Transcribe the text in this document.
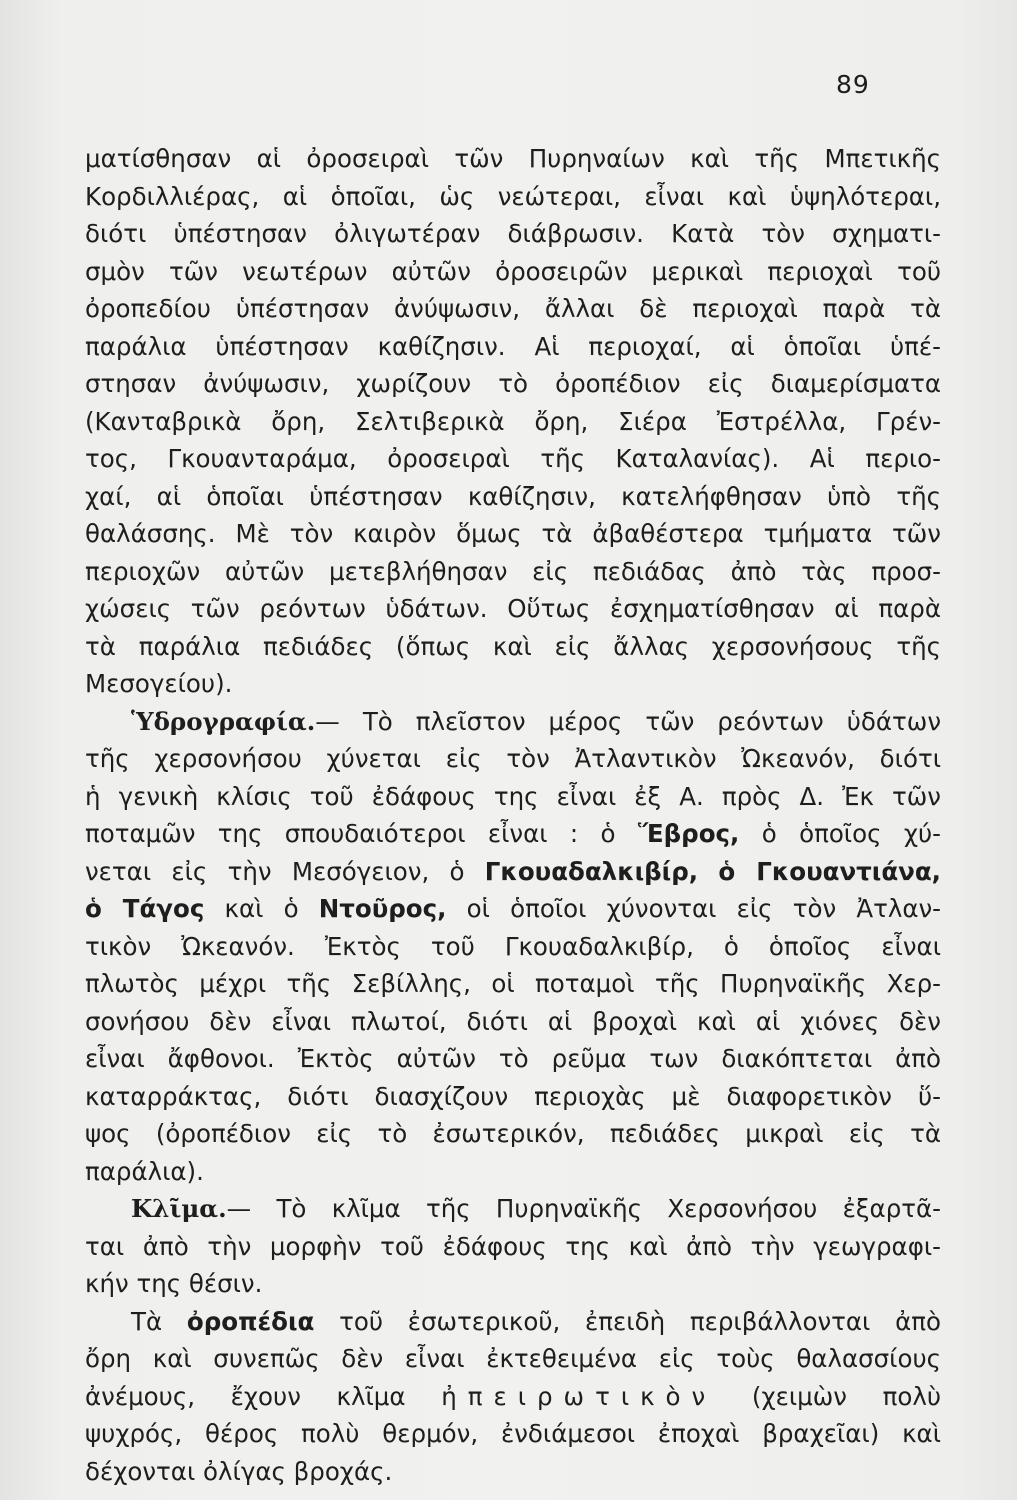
89
ματίσθησαν αἱ ὀροσειραὶ τῶν Πυρηναίων καὶ τῆς Μπετικῆς
Κορδιλλιέρας, αἱ ὁποῖαι, ὡς νεώτεραι, εἶναι καὶ ὑψηλότεραι,
διότι ὑπέστησαν ὀλιγωτέραν διάβρωσιν. Κατὰ τὸν σχηματι-
σμὸν τῶν νεωτέρων αὐτῶν ὀροσειρῶν μερικαὶ περιοχαὶ τοῦ
ὀροπεδίου ὑπέστησαν ἀνύψωσιν, ἄλλαι δὲ περιοχαὶ παρὰ τὰ
παράλια ὑπέστησαν καθίζησιν. Αἱ περιοχαί, αἱ ὁποῖαι ὑπέ-
στησαν ἀνύψωσιν, χωρίζουν τὸ ὀροπέδιον εἰς διαμερίσματα
(Κανταβρικὰ ὄρη, Σελτιβερικὰ ὄρη, Σιέρα Ἐστρέλλα, Γρέν-
τος, Γκουανταράμα, ὀροσειραὶ τῆς Καταλανίας). Αἱ περιο-
χαί, αἱ ὁποῖαι ὑπέστησαν καθίζησιν, κατελήφθησαν ὑπὸ τῆς
θαλάσσης. Μὲ τὸν καιρὸν ὅμως τὰ ἀβαθέστερα τμήματα τῶν
περιοχῶν αὐτῶν μετεβλήθησαν εἰς πεδιάδας ἀπὸ τὰς προσ-
χώσεις τῶν ρεόντων ὑδάτων. Οὕτως ἐσχηματίσθησαν αἱ παρὰ
τὰ παράλια πεδιάδες (ὅπως καὶ εἰς ἄλλας χερσονήσους τῆς
Μεσογείου).
Ὑδρογραφία.— Τὸ πλεῖστον μέρος τῶν ρεόντων ὑδάτων
τῆς χερσονήσου χύνεται εἰς τὸν Ἀτλαντικὸν Ὠκεανόν, διότι
ἡ γενικὴ κλίσις τοῦ ἐδάφους της εἶναι ἐξ Α. πρὸς Δ. Ἐκ τῶν
ποταμῶν της σπουδαιότεροι εἶναι : ὁ Ἕβρος, ὁ ὁποῖος χύ-
νεται εἰς τὴν Μεσόγειον, ὁ Γκουαδαλκιβίρ, ὁ Γκουαντιάνα,
ὁ Τάγος καὶ ὁ Ντοῦρος, οἱ ὁποῖοι χύνονται εἰς τὸν Ἀτλαν-
τικὸν Ὠκεανόν. Ἐκτὸς τοῦ Γκουαδαλκιβίρ, ὁ ὁποῖος εἶναι
πλωτὸς μέχρι τῆς Σεβίλλης, οἱ ποταμοὶ τῆς Πυρηναϊκῆς Χερ-
σονήσου δὲν εἶναι πλωτοί, διότι αἱ βροχαὶ καὶ αἱ χιόνες δὲν
εἶναι ἄφθονοι. Ἐκτὸς αὐτῶν τὸ ρεῦμα των διακόπτεται ἀπὸ
καταρράκτας, διότι διασχίζουν περιοχὰς μὲ διαφορετικὸν ὕ-
ψος (ὀροπέδιον εἰς τὸ ἐσωτερικόν, πεδιάδες μικραὶ εἰς τὰ
παράλια).
Κλῖμα.— Τὸ κλῖμα τῆς Πυρηναϊκῆς Χερσονήσου ἐξαρτᾶ-
ται ἀπὸ τὴν μορφὴν τοῦ ἐδάφους της καὶ ἀπὸ τὴν γεωγραφι-
κήν της θέσιν.
Τὰ ὀροπέδια τοῦ ἐσωτερικοῦ, ἐπειδὴ περιβάλλονται ἀπὸ
ὄρη καὶ συνεπῶς δὲν εἶναι ἐκτεθειμένα εἰς τοὺς θαλασσίους
ἀνέμους, ἔχουν κλῖμα ἠπειρωτικὸν (χειμὼν πολὺ
ψυχρός, θέρος πολὺ θερμόν, ἐνδιάμεσοι ἐποχαὶ βραχεῖαι) καὶ
δέχονται ὀλίγας βροχάς.
